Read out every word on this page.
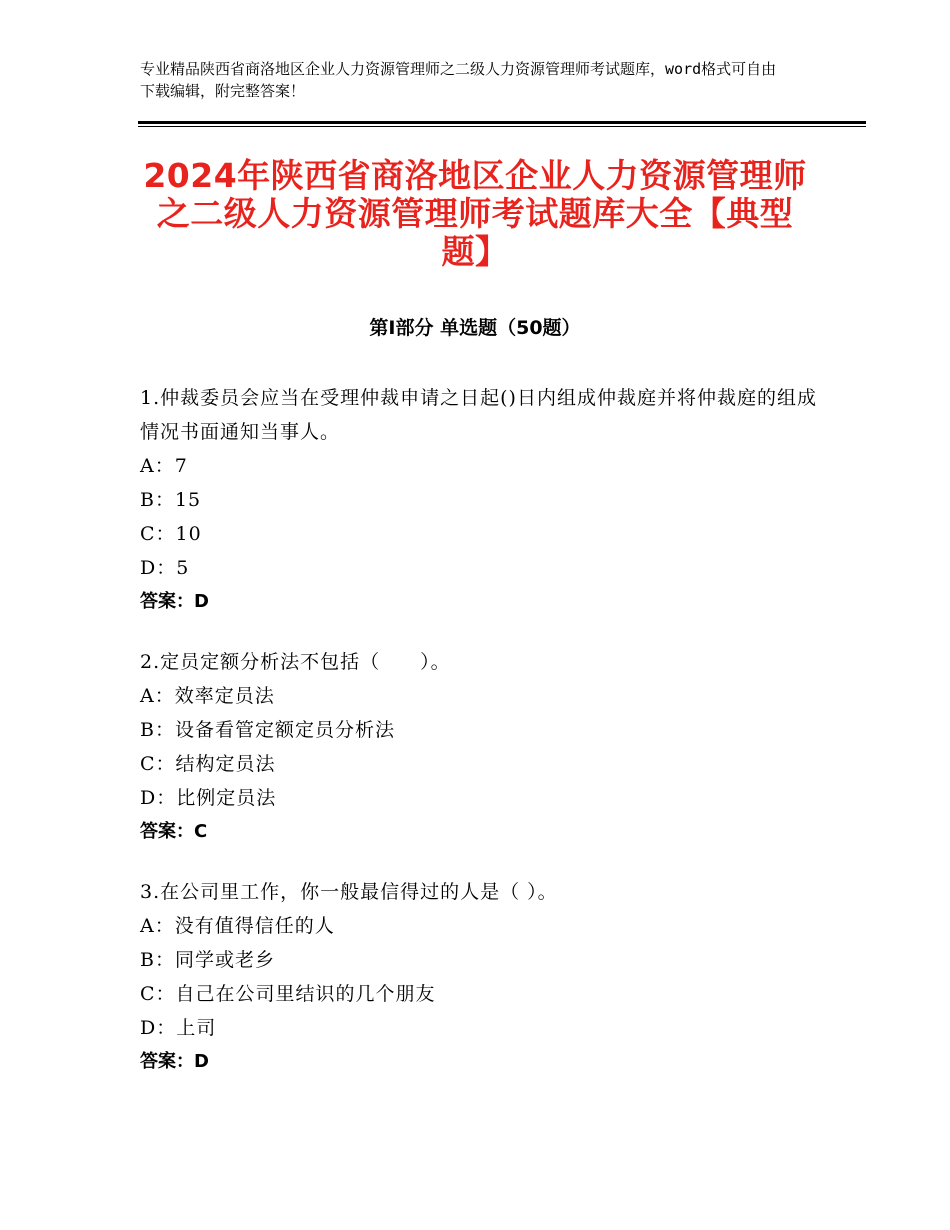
专业精品陕西省商洛地区企业人力资源管理师之二级人力资源管理师考试题库，word格式可自由下载编辑，附完整答案！
2024年陕西省商洛地区企业人力资源管理师之二级人力资源管理师考试题库大全【典型题】
第Ⅰ部分 单选题（50题）

1.仲裁委员会应当在受理仲裁申请之日起()日内组成仲裁庭并将仲裁庭的组成情况书面通知当事人。

A：7

B：15

C：10

D：5

答案：D

2.定员定额分析法不包括（　　）。

A：效率定员法

B：设备看管定额定员分析法

C：结构定员法

D：比例定员法

答案：C

3.在公司里工作，你一般最信得过的人是（ ）。

A：没有值得信任的人

B：同学或老乡

C：自己在公司里结识的几个朋友

D：上司

答案：D
